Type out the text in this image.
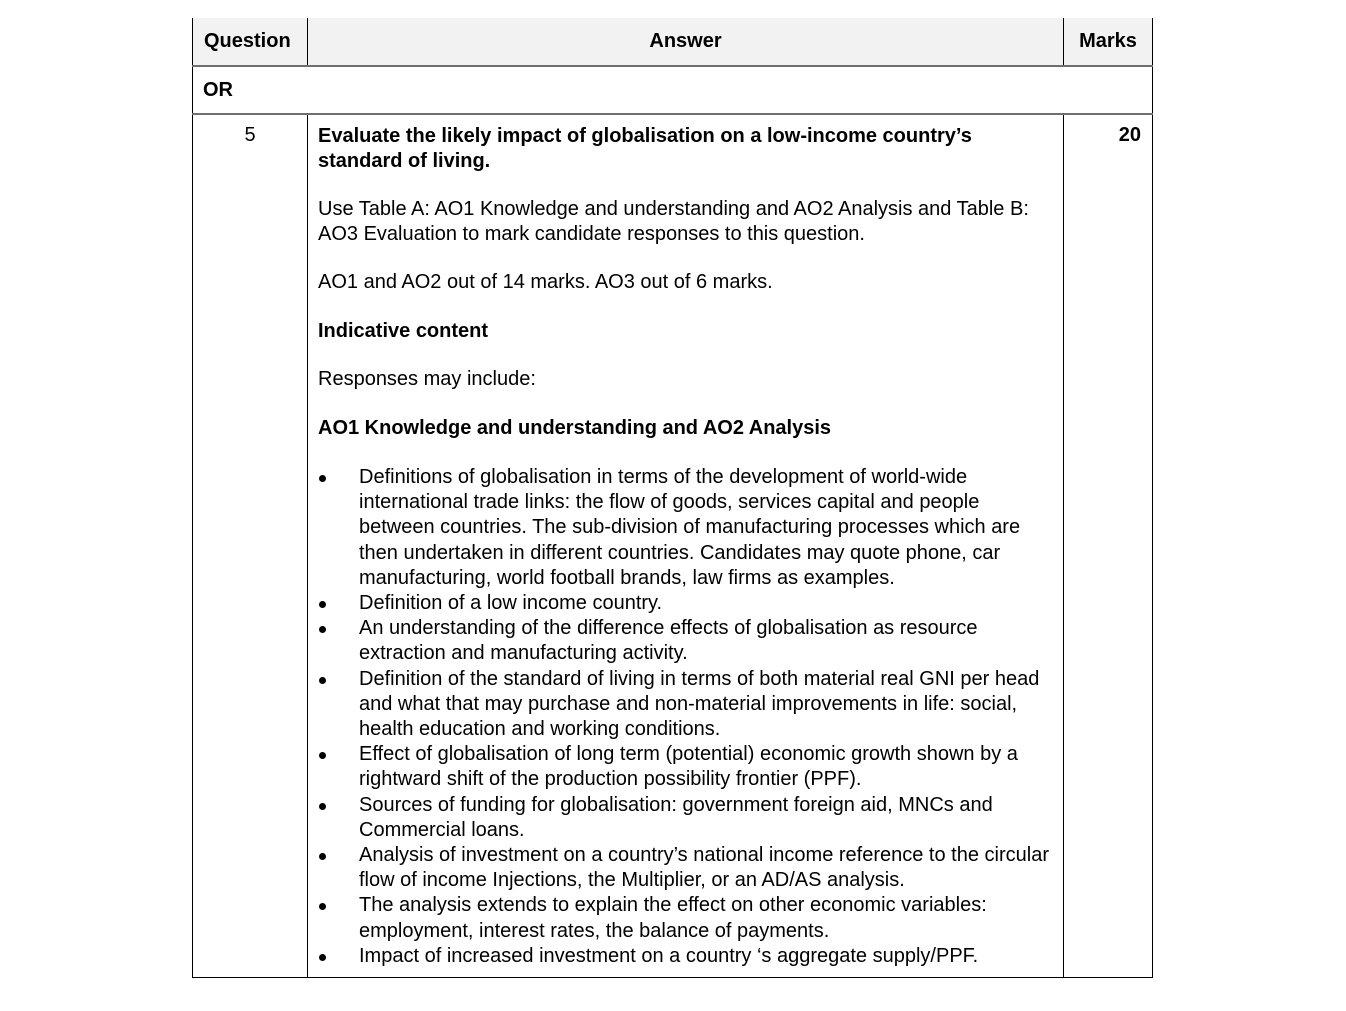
Question	Answer	Marks
OR		
5	Evaluate the likely impact of globalisation on a low-income country’s standard of living.

Use Table A: AO1 Knowledge and understanding and AO2 Analysis and Table B: AO3 Evaluation to mark candidate responses to this question.

AO1 and AO2 out of 14 marks. AO3 out of 6 marks.

Indicative content

Responses may include:

AO1 Knowledge and understanding and AO2 Analysis

Definitions of globalisation in terms of the development of world-wide international trade links: the flow of goods, services capital and people between countries. The sub-division of manufacturing processes which are then undertaken in different countries. Candidates may quote phone, car manufacturing, world football brands, law firms as examples.
Definition of a low income country.
An understanding of the difference effects of globalisation as resource extraction and manufacturing activity.
Definition of the standard of living in terms of both material real GNI per head and what that may purchase and non-material improvements in life: social, health education and working conditions.
Effect of globalisation of long term (potential) economic growth shown by a rightward shift of the production possibility frontier (PPF).
Sources of funding for globalisation: government foreign aid, MNCs and Commercial loans.
Analysis of investment on a country’s national income reference to the circular flow of income Injections, the Multiplier, or an AD/AS analysis.
The analysis extends to explain the effect on other economic variables: employment, interest rates, the balance of payments.
Impact of increased investment on a country ‘s aggregate supply/PPF.
	20
